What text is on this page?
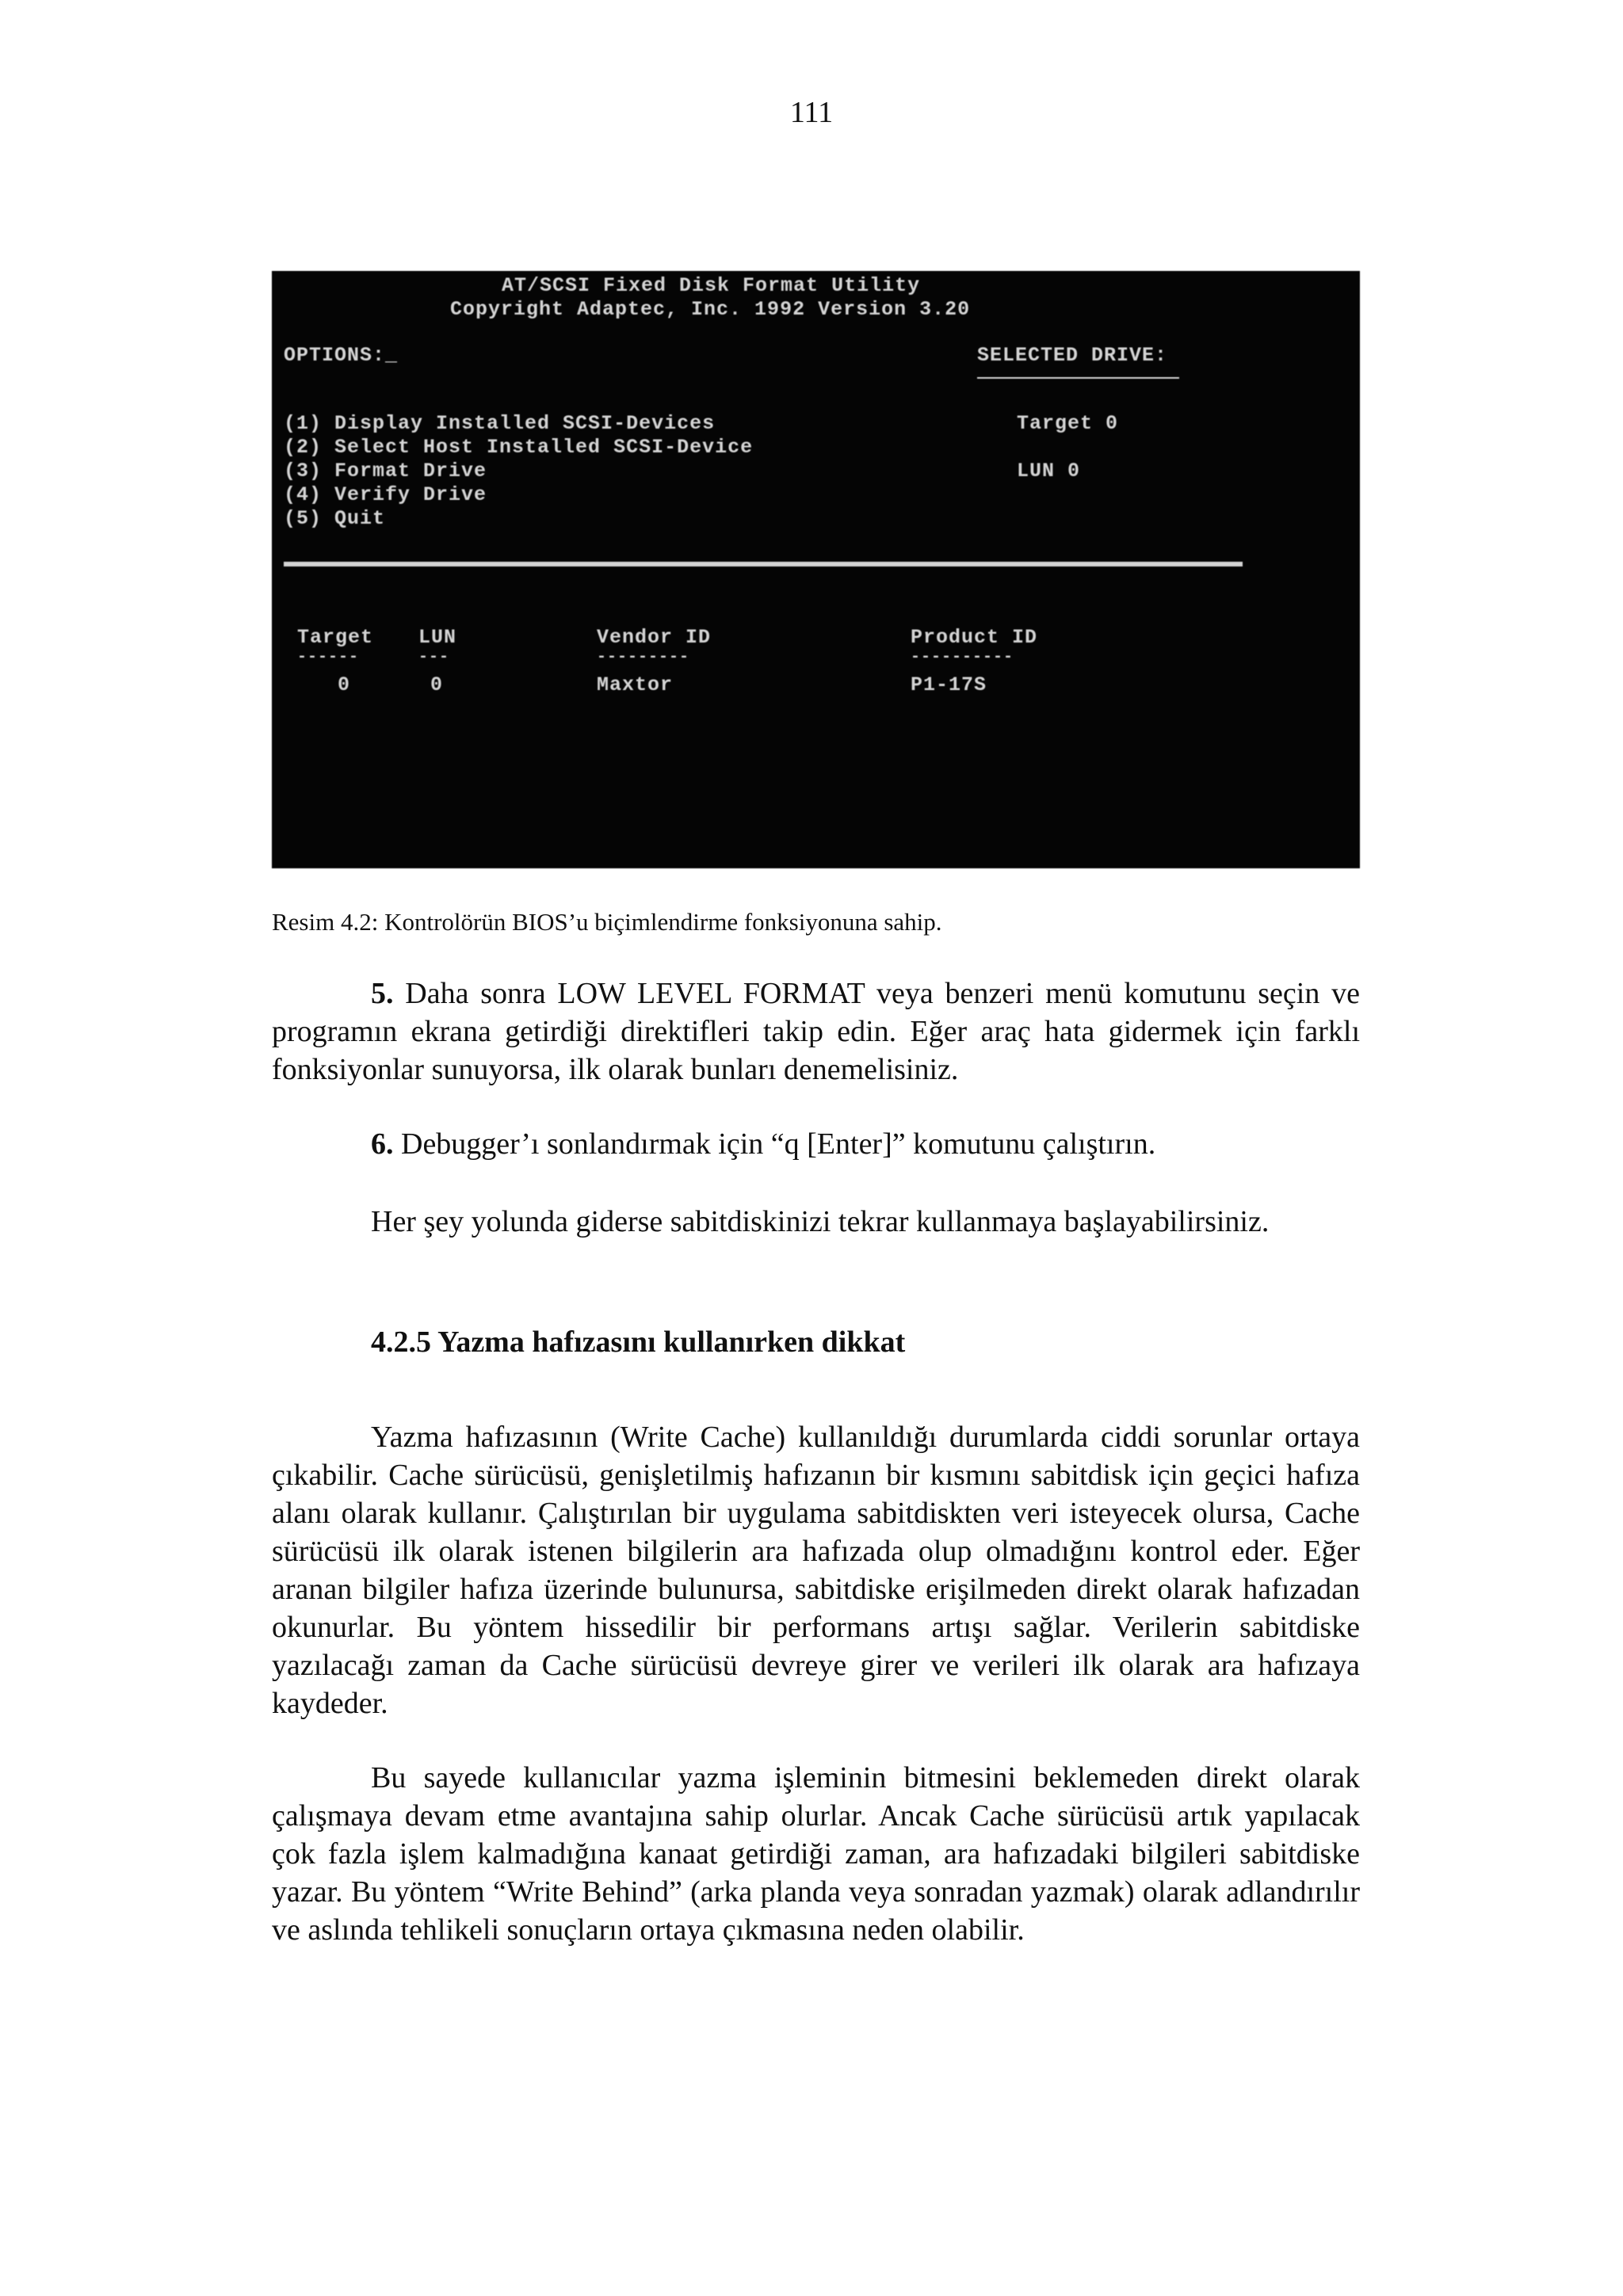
111
AT/SCSI Fixed Disk Format Utility
Copyright Adaptec, Inc. 1992 Version 3.20
OPTIONS:_	SELECTED DRIVE:
(1) Display Installed SCSI-Devices
(2) Select Host Installed SCSI-Device
(3) Format Drive
(4) Verify Drive
(5) Quit
Target 0
LUN 0
Target LUN	Vendor ID	Product ID
------	---	---------	----------
0	0	Maxtor	P1-17S
Resim 4.2: Kontrolörün BIOS’u biçimlendirme fonksiyonuna sahip.
5. Daha sonra LOW LEVEL FORMAT veya benzeri menü komutunu seçin ve programın ekrana getirdiği direktifleri takip edin. Eğer araç hata gidermek için farklı fonksiyonlar sunuyorsa, ilk olarak bunları denemelisiniz.
6. Debugger’ı sonlandırmak için “q [Enter]” komutunu çalıştırın.
Her şey yolunda giderse sabitdiskinizi tekrar kullanmaya başlayabilirsiniz.
4.2.5 Yazma hafızasını kullanırken dikkat
Yazma hafızasının (Write Cache) kullanıldığı durumlarda ciddi sorunlar ortaya çıkabilir. Cache sürücüsü, genişletilmiş hafızanın bir kısmını sabitdisk için geçici hafıza alanı olarak kullanır. Çalıştırılan bir uygulama sabitdiskten veri isteyecek olursa, Cache sürücüsü ilk olarak istenen bilgilerin ara hafızada olup olmadığını kontrol eder. Eğer aranan bilgiler hafıza üzerinde bulunursa, sabitdiske erişilmeden direkt olarak hafızadan okunurlar. Bu yöntem hissedilir bir performans artışı sağlar. Verilerin sabitdiske yazılacağı zaman da Cache sürücüsü devreye girer ve verileri ilk olarak ara hafızaya kaydeder.
Bu sayede kullanıcılar yazma işleminin bitmesini beklemeden direkt olarak çalışmaya devam etme avantajına sahip olurlar. Ancak Cache sürücüsü artık yapılacak çok fazla işlem kalmadığına kanaat getirdiği zaman, ara hafızadaki bilgileri sabitdiske yazar. Bu yöntem “Write Behind” (arka planda veya sonradan yazmak) olarak adlandırılır ve aslında tehlikeli sonuçların ortaya çıkmasına neden olabilir.
